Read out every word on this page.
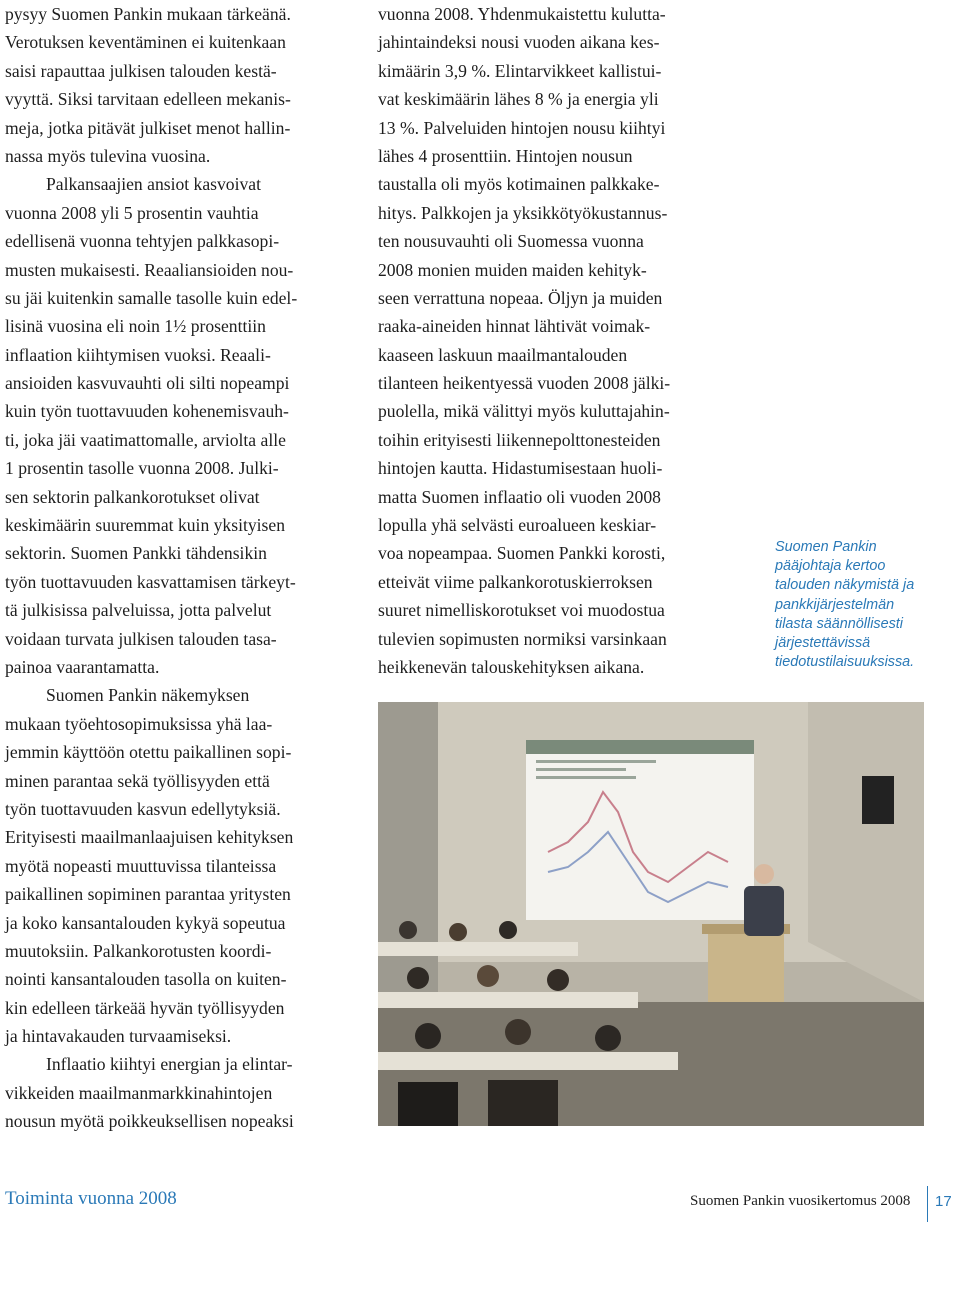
pysyy Suomen Pankin mukaan tärkeänä.
Verotuksen keventäminen ei kuitenkaan
saisi rapauttaa julkisen talouden kestä-
vyyttä. Siksi tarvitaan edelleen mekanis-
meja, jotka pitävät julkiset menot hallin-
nassa myös tulevina vuosina.
Palkansaajien ansiot kasvoivat
vuonna 2008 yli 5 prosentin vauhtia
edellisenä vuonna tehtyjen palkkasopi-
musten mukaisesti. Reaaliansioiden nou-
su jäi kuitenkin samalle tasolle kuin edel-
lisinä vuosina eli noin 1½ prosenttiin
inflaation kiihtymisen vuoksi. Reaali-
ansioiden kasvuvauhti oli silti nopeampi
kuin työn tuottavuuden kohenemisvauh-
ti, joka jäi vaatimattomalle, arviolta alle
1 prosentin tasolle vuonna 2008. Julki-
sen sektorin palkankorotukset olivat
keskimäärin suuremmat kuin yksityisen
sektorin. Suomen Pankki tähdensikin
työn tuottavuuden kasvattamisen tärkeyt-
tä julkisissa palveluissa, jotta palvelut
voidaan turvata julkisen talouden tasa-
painoa vaarantamatta.
Suomen Pankin näkemyksen
mukaan työehtosopimuksissa yhä laa-
jemmin käyttöön otettu paikallinen sopi-
minen parantaa sekä työllisyyden että
työn tuottavuuden kasvun edellytyksiä.
Erityisesti maailmanlaajuisen kehityksen
myötä nopeasti muuttuvissa tilanteissa
paikallinen sopiminen parantaa yritysten
ja koko kansantalouden kykyä sopeutua
muutoksiin. Palkankorotusten koordi-
nointi kansantalouden tasolla on kuiten-
kin edelleen tärkeää hyvän työllisyyden
ja hintavakauden turvaamiseksi.
Inflaatio kiihtyi energian ja elintar-
vikkeiden maailmanmarkkinahintojen
nousun myötä poikkeuksellisen nopeaksi
vuonna 2008. Yhdenmukaistettu kulutta-
jahintaindeksi nousi vuoden aikana kes-
kimäärin 3,9 %. Elintarvikkeet kallistui-
vat keskimäärin lähes 8 % ja energia yli
13 %. Palveluiden hintojen nousu kiihtyi
lähes 4 prosenttiin. Hintojen nousun
taustalla oli myös kotimainen palkkake-
hitys. Palkkojen ja yksikkötyökustannus-
ten nousuvauhti oli Suomessa vuonna
2008 monien muiden maiden kehityk-
seen verrattuna nopeaa. Öljyn ja muiden
raaka-aineiden hinnat lähtivät voimak-
kaaseen laskuun maailmantalouden
tilanteen heikentyessä vuoden 2008 jälki-
puolella, mikä välittyi myös kuluttajahin-
toihin erityisesti liikennepolttonesteiden
hintojen kautta. Hidastumisestaan huoli-
matta Suomen inflaatio oli vuoden 2008
lopulla yhä selvästi euroalueen keskiar-
voa nopeampaa. Suomen Pankki korosti,
etteivät viime palkankorotuskierroksen
suuret nimelliskorotukset voi muodostua
tulevien sopimusten normiksi varsinkaan
heikkenevän talouskehityksen aikana.
Suomen Pankin
pääjohtaja kertoo
talouden näkymistä ja
pankkijärjestelmän
tilasta säännöllisesti
järjestettävissä
tiedotustilaisuuksissa.
Toiminta vuonna 2008	Suomen Pankin vuosikertomus 2008 17
